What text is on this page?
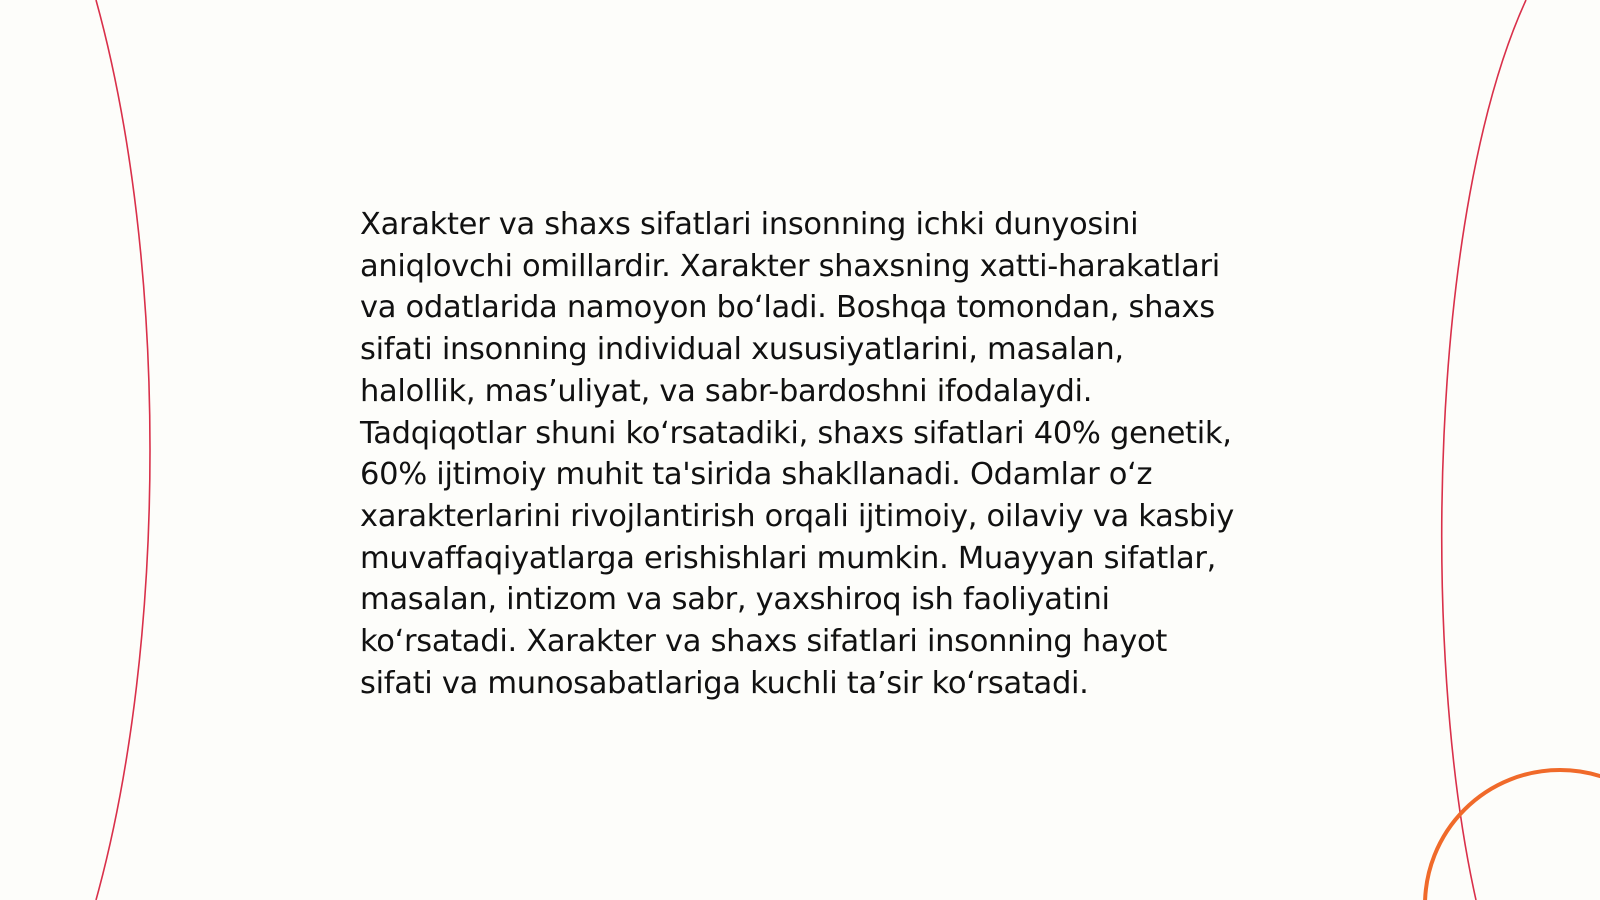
Xarakter va shaxs sifatlari insonning ichki dunyosini aniqlovchi omillardir. Xarakter shaxsning xatti-harakatlari va odatlarida namoyon boʻladi. Boshqa tomondan, shaxs sifati insonning individual xususiyatlarini, masalan, halollik, masʼuliyat, va sabr-bardoshni ifodalaydi. Tadqiqotlar shuni koʻrsatadiki, shaxs sifatlari 40% genetik, 60% ijtimoiy muhit ta'sirida shakllanadi. Odamlar oʻz xarakterlarini rivojlantirish orqali ijtimoiy, oilaviy va kasbiy muvaffaqiyatlarga erishishlari mumkin. Muayyan sifatlar, masalan, intizom va sabr, yaxshiroq ish faoliyatini koʻrsatadi. Xarakter va shaxs sifatlari insonning hayot sifati va munosabatlariga kuchli taʼsir koʻrsatadi.
